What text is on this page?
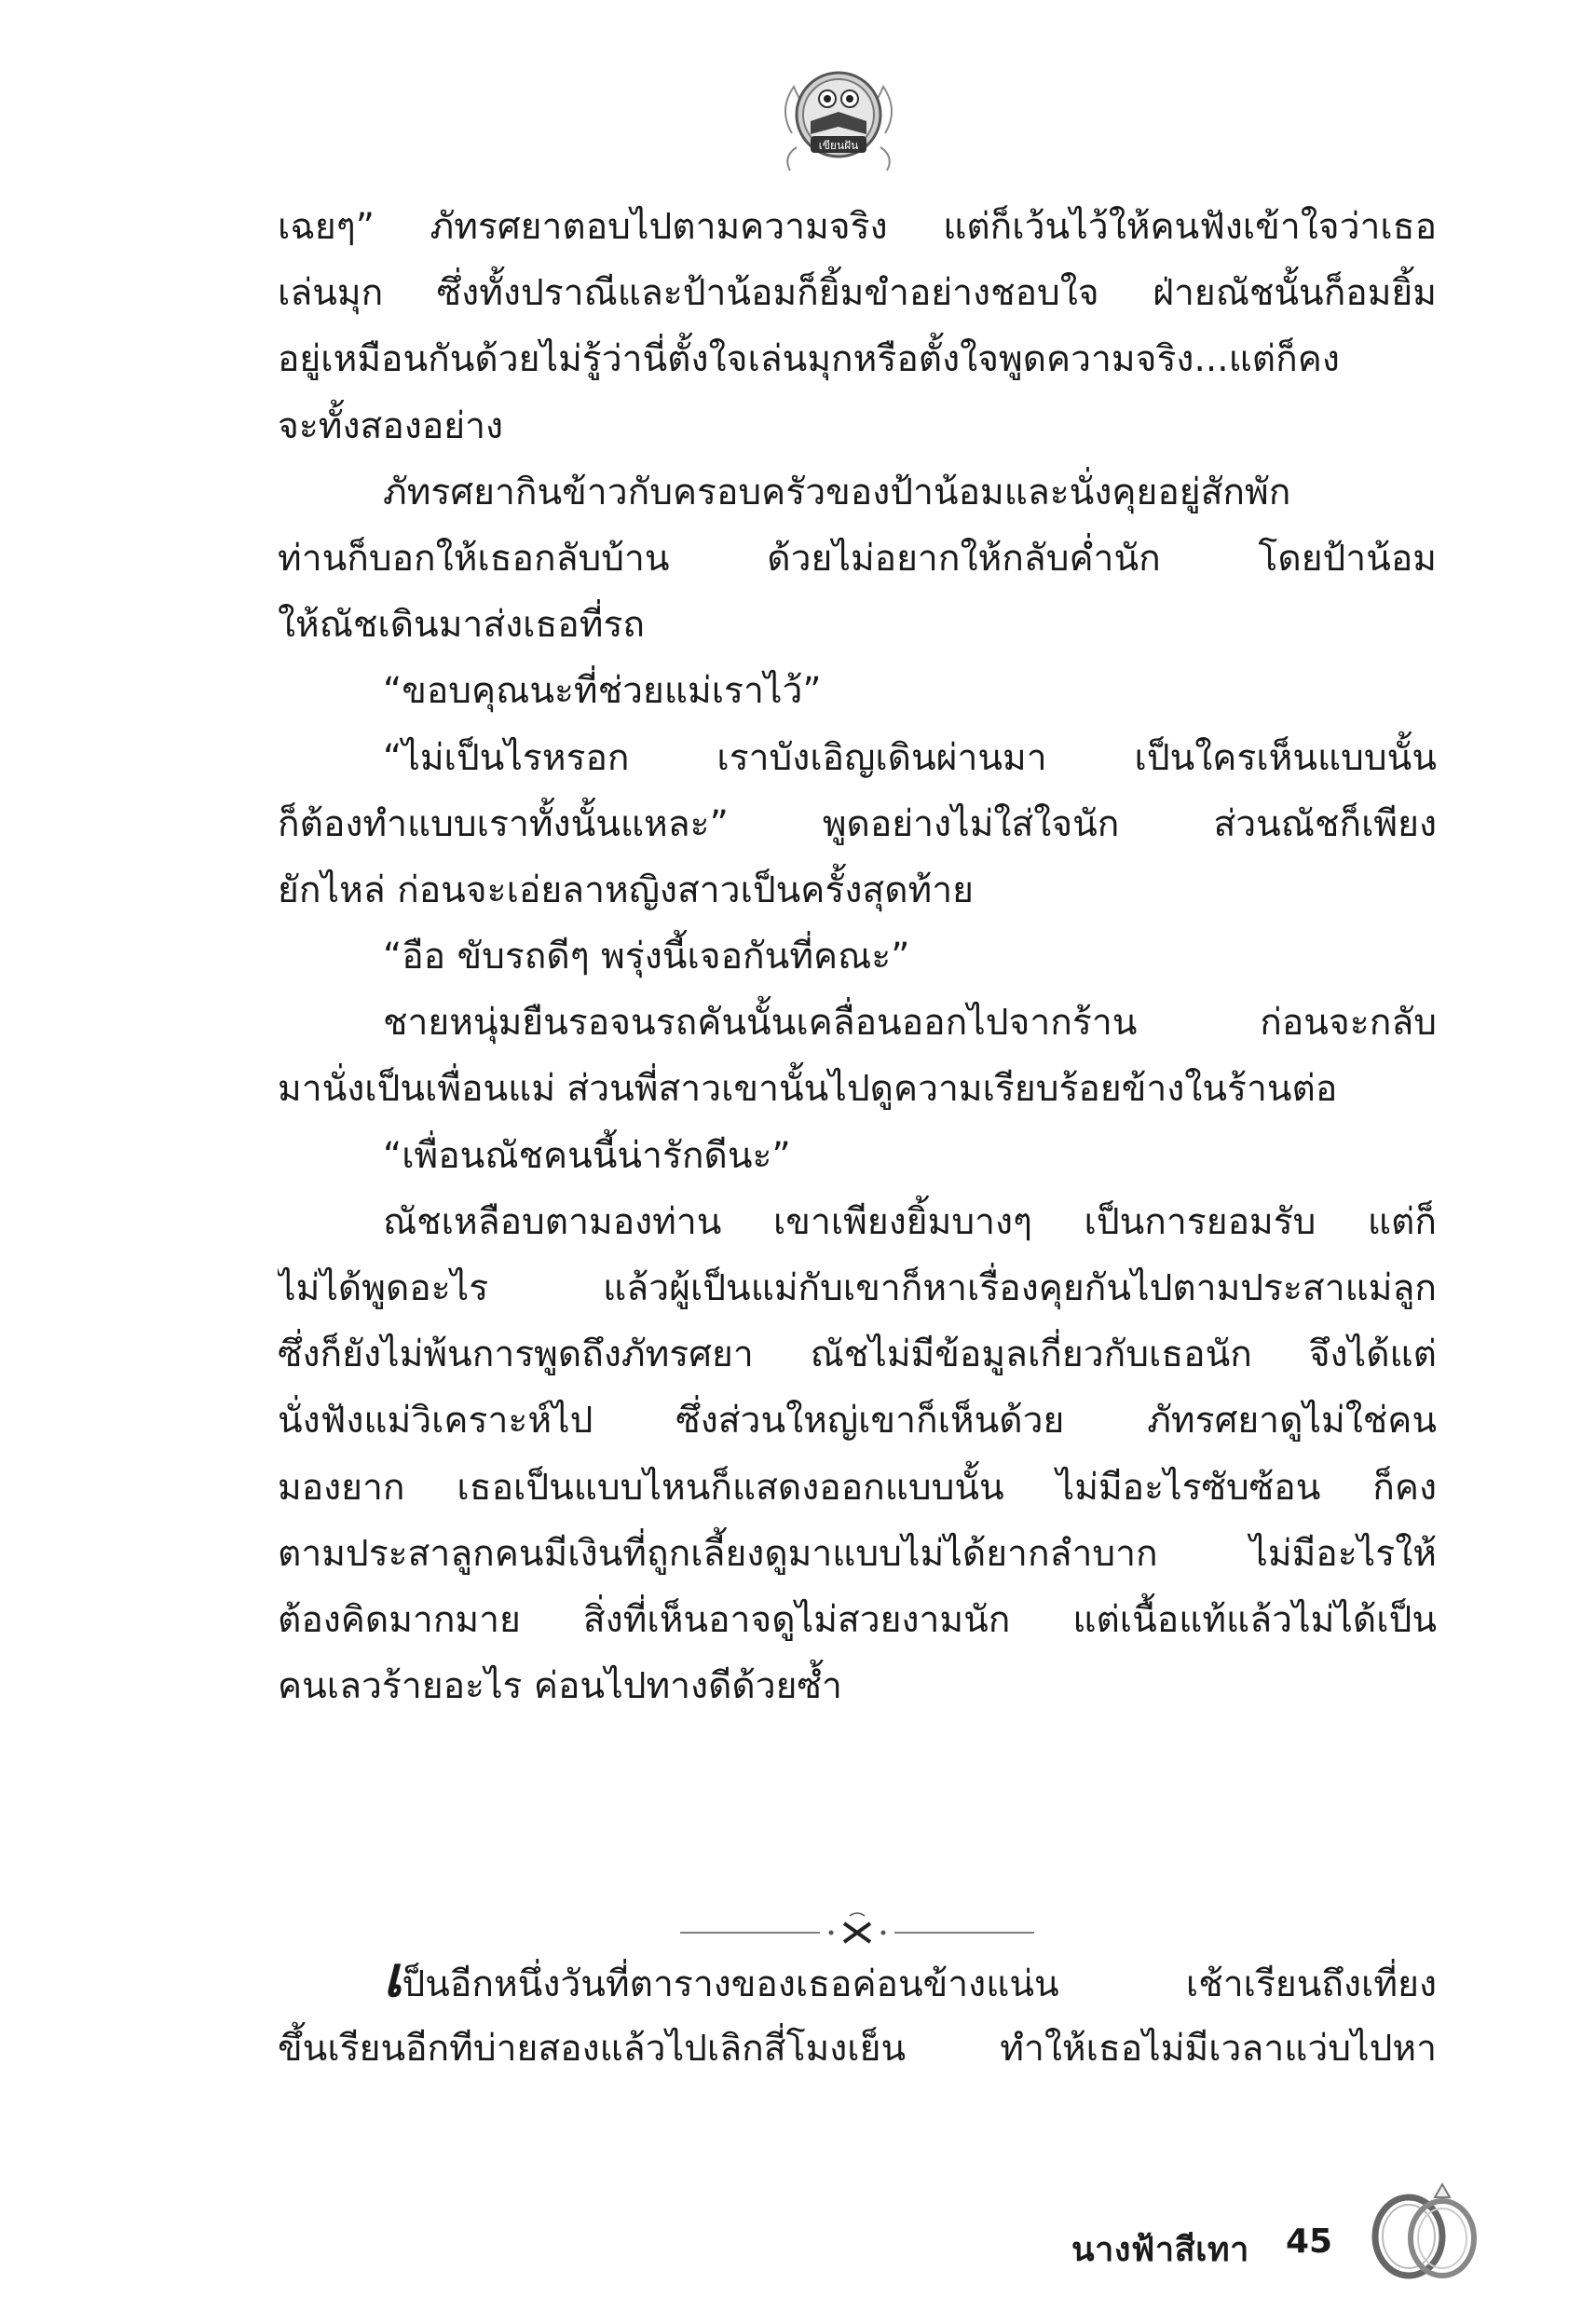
เขียนฝัน
เฉยๆ” ภัทรศยาตอบไปตามความจริง แต่ก็เว้นไว้ให้คนฟังเข้าใจว่าเธอ
เล่นมุก ซึ่งทั้งปราณีและป้าน้อมก็ยิ้มขำอย่างชอบใจ ฝ่ายณัชนั้นก็อมยิ้ม
อยู่เหมือนกันด้วยไม่รู้ว่านี่ตั้งใจเล่นมุกหรือตั้งใจพูดความจริง...แต่ก็คง
จะทั้งสองอย่าง
ภัทรศยากินข้าวกับครอบครัวของป้าน้อมและนั่งคุยอยู่สักพัก
ท่านก็บอกให้เธอกลับบ้าน ด้วยไม่อยากให้กลับค่ำนัก โดยป้าน้อม
ให้ณัชเดินมาส่งเธอที่รถ
“ขอบคุณนะที่ช่วยแม่เราไว้”
“ไม่เป็นไรหรอก เราบังเอิญเดินผ่านมา เป็นใครเห็นแบบนั้น
ก็ต้องทำแบบเราทั้งนั้นแหละ” พูดอย่างไม่ใส่ใจนัก ส่วนณัชก็เพียง
ยักไหล่ ก่อนจะเอ่ยลาหญิงสาวเป็นครั้งสุดท้าย
“อือ ขับรถดีๆ พรุ่งนี้เจอกันที่คณะ”
ชายหนุ่มยืนรอจนรถคันนั้นเคลื่อนออกไปจากร้าน ก่อนจะกลับ
มานั่งเป็นเพื่อนแม่ ส่วนพี่สาวเขานั้นไปดูความเรียบร้อยข้างในร้านต่อ
“เพื่อนณัชคนนี้น่ารักดีนะ”
ณัชเหลือบตามองท่าน เขาเพียงยิ้มบางๆ เป็นการยอมรับ แต่ก็
ไม่ได้พูดอะไร แล้วผู้เป็นแม่กับเขาก็หาเรื่องคุยกันไปตามประสาแม่ลูก
ซึ่งก็ยังไม่พ้นการพูดถึงภัทรศยา ณัชไม่มีข้อมูลเกี่ยวกับเธอนัก จึงได้แต่
นั่งฟังแม่วิเคราะห์ไป ซึ่งส่วนใหญ่เขาก็เห็นด้วย ภัทรศยาดูไม่ใช่คน
มองยาก เธอเป็นแบบไหนก็แสดงออกแบบนั้น ไม่มีอะไรซับซ้อน ก็คง
ตามประสาลูกคนมีเงินที่ถูกเลี้ยงดูมาแบบไม่ได้ยากลำบาก ไม่มีอะไรให้
ต้องคิดมากมาย สิ่งที่เห็นอาจดูไม่สวยงามนัก แต่เนื้อแท้แล้วไม่ได้เป็น
คนเลวร้ายอะไร ค่อนไปทางดีด้วยซ้ำ
เป็นอีกหนึ่งวันที่ตารางของเธอค่อนข้างแน่น เช้าเรียนถึงเที่ยง
ขึ้นเรียนอีกทีบ่ายสองแล้วไปเลิกสี่โมงเย็น ทำให้เธอไม่มีเวลาแว่บไปหา
นางฟ้าสีเทา 45
